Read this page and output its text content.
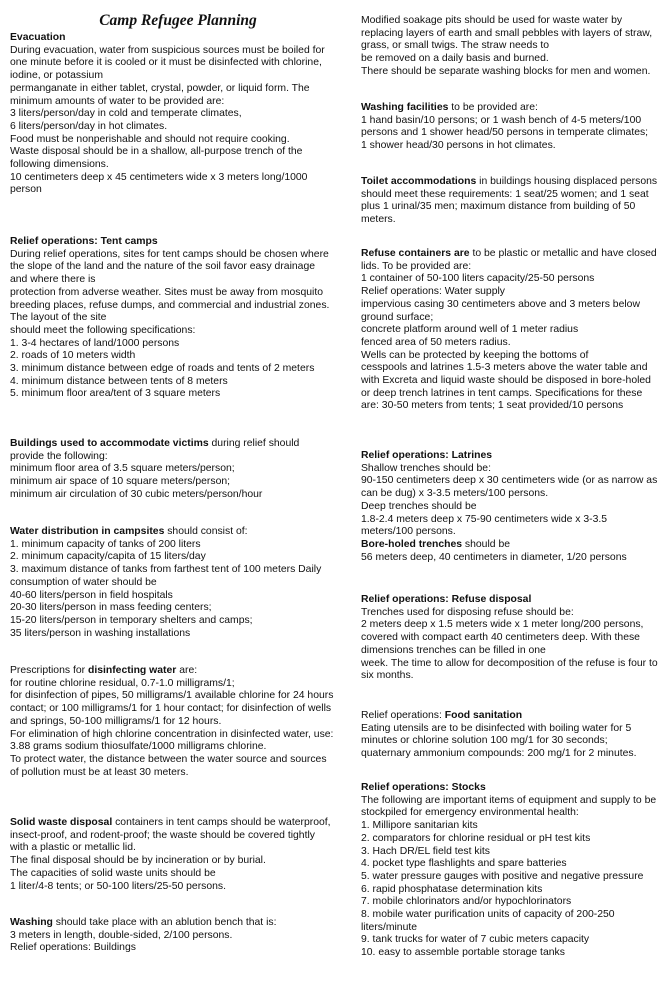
Camp Refugee Planning
Evacuation
During evacuation, water from suspicious sources must be boiled for
one minute before it is cooled or it must be disinfected with chlorine,
iodine, or potassium
permanganate in either tablet, crystal, powder, or liquid form. The
minimum amounts of water to be provided are:
3 liters/person/day in cold and temperate climates,
6 liters/person/day in hot climates.
Food must be nonperishable and should not require cooking.
Waste disposal should be in a shallow, all-purpose trench of the
following dimensions.
10 centimeters deep x 45 centimeters wide x 3 meters long/1000
person
Relief operations: Tent camps
During relief operations, sites for tent camps should be chosen where
the slope of the land and the nature of the soil favor easy drainage
and where there is
protection from adverse weather. Sites must be away from mosquito
breeding places, refuse dumps, and commercial and industrial zones.
The layout of the site
should meet the following specifications:
1. 3-4 hectares of land/1000 persons
2. roads of 10 meters width
3. minimum distance between edge of roads and tents of 2 meters
4. minimum distance between tents of 8 meters
5. minimum floor area/tent of 3 square meters
Buildings used to accommodate victims during relief should
provide the following:
minimum floor area of 3.5 square meters/person;
minimum air space of 10 square meters/person;
minimum air circulation of 30 cubic meters/person/hour
Water distribution in campsites should consist of:
1. minimum capacity of tanks of 200 liters
2. minimum capacity/capita of 15 liters/day
3. maximum distance of tanks from farthest tent of 100 meters Daily
consumption of water should be
40-60 liters/person in field hospitals
20-30 liters/person in mass feeding centers;
15-20 liters/person in temporary shelters and camps;
35 liters/person in washing installations
Prescriptions for disinfecting water are:
for routine chlorine residual, 0.7-1.0 milligrams/1;
for disinfection of pipes, 50 milligrams/1 available chlorine for 24 hours
contact; or 100 milligrams/1 for 1 hour contact; for disinfection of wells
and springs, 50-100 milligrams/1 for 12 hours.
For elimination of high chlorine concentration in disinfected water, use:
3.88 grams sodium thiosulfate/1000 milligrams chlorine.
To protect water, the distance between the water source and sources
of pollution must be at least 30 meters.
Solid waste disposal containers in tent camps should be waterproof,
insect-proof, and rodent-proof; the waste should be covered tightly
with a plastic or metallic lid.
The final disposal should be by incineration or by burial.
The capacities of solid waste units should be
1 liter/4-8 tents; or 50-100 liters/25-50 persons.
Washing should take place with an ablution bench that is:
3 meters in length, double-sided, 2/100 persons.
Relief operations: Buildings
Modified soakage pits should be used for waste water by
replacing layers of earth and small pebbles with layers of straw,
grass, or small twigs. The straw needs to
be removed on a daily basis and burned.
There should be separate washing blocks for men and women.
Washing facilities to be provided are:
1 hand basin/10 persons; or 1 wash bench of 4-5 meters/100
persons and 1 shower head/50 persons in temperate climates;
1 shower head/30 persons in hot climates.
Toilet accommodations in buildings housing displaced persons
should meet these requirements: 1 seat/25 women; and 1 seat
plus 1 urinal/35 men; maximum distance from building of 50
meters.
Refuse containers are to be plastic or metallic and have closed
lids. To be provided are:
1 container of 50-100 liters capacity/25-50 persons
Relief operations: Water supply
impervious casing 30 centimeters above and 3 meters below
ground surface;
concrete platform around well of 1 meter radius
fenced area of 50 meters radius.
Wells can be protected by keeping the bottoms of
cesspools and latrines 1.5-3 meters above the water table and
with Excreta and liquid waste should be disposed in bore-holed
or deep trench latrines in tent camps. Specifications for these
are: 30-50 meters from tents; 1 seat provided/10 persons
Relief operations: Latrines
Shallow trenches should be:
90-150 centimeters deep x 30 centimeters wide (or as narrow as
can be dug) x 3-3.5 meters/100 persons.
Deep trenches should be
1.8-2.4 meters deep x 75-90 centimeters wide x 3-3.5
meters/100 persons.
Bore-holed trenches should be
56 meters deep, 40 centimeters in diameter, 1/20 persons
Relief operations: Refuse disposal
Trenches used for disposing refuse should be:
2 meters deep x 1.5 meters wide x 1 meter long/200 persons,
covered with compact earth 40 centimeters deep. With these
dimensions trenches can be filled in one
week. The time to allow for decomposition of the refuse is four to
six months.
Relief operations: Food sanitation
Eating utensils are to be disinfected with boiling water for 5
minutes or chlorine solution 100 mg/1 for 30 seconds;
quaternary ammonium compounds: 200 mg/1 for 2 minutes.
Relief operations: Stocks
The following are important items of equipment and supply to be
stockpiled for emergency environmental health:
1. Millipore sanitarian kits
2. comparators for chlorine residual or pH test kits
3. Hach DR/EL field test kits
4. pocket type flashlights and spare batteries
5. water pressure gauges with positive and negative pressure
6. rapid phosphatase determination kits
7. mobile chlorinators and/or hypochlorinators
8. mobile water purification units of capacity of 200-250
liters/minute
9. tank trucks for water of 7 cubic meters capacity
10. easy to assemble portable storage tanks
